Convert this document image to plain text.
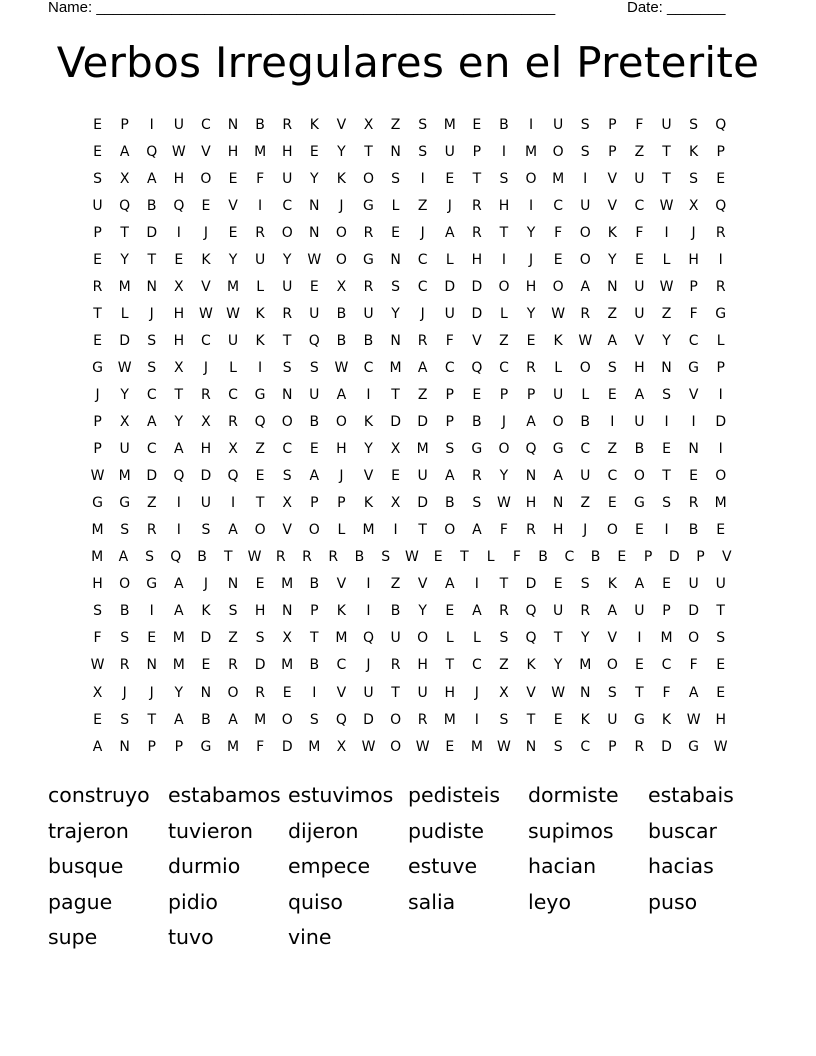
Name: _______________________________________________________	Date: _______
Verbos Irregulares en el Preterite
E	P	I	U	C	N	B	R	K	V	X	Z	S	M	E	B	I	U	S	P	F	U	S	Q
E	A	Q	W	V	H	M	H	E	Y	T	N	S	U	P	I	M	O	S	P	Z	T	K	P
S	X	A	H	O	E	F	U	Y	K	O	S	I	E	T	S	O	M	I	V	U	T	S	E
U	Q	B	Q	E	V	I	C	N	J	G	L	Z	J	R	H	I	C	U	V	C	W	X	Q
P	T	D	I	J	E	R	O	N	O	R	E	J	A	R	T	Y	F	O	K	F	I	J	R
E	Y	T	E	K	Y	U	Y	W	O	G	N	C	L	H	I	J	E	O	Y	E	L	H	I
R	M	N	X	V	M	L	U	E	X	R	S	C	D	D	O	H	O	A	N	U	W	P	R
T	L	J	H	W W	K	R	U	B	U	Y	J	U	D	L	Y	W	R	Z	U	Z	F	G
E	D	S	H	C	U	K	T	Q	B	B	N	R	F	V	Z	E	K	W	A	V	Y	C	L
G	W	S	X	J	L	I	S	S	W	C	M	A	C	Q	C	R	L	O	S	H	N	G	P
J	Y	C	T	R	C	G	N	U	A	I	T	Z	P	E	P	P	U	L	E	A	S	V	I
P	X	A	Y	X	R	Q	O	B	O	K	D	D	P	B	J	A	O	B	I	U	I	I	D
P	U	C	A	H	X	Z	C	E	H	Y	X	M	S	G	O	Q	G	C	Z	B	E	N	I
W	M	D	Q	D	Q	E	S	A	J	V	E	U	A	R	Y	N	A	U	C	O	T	E	O
G	G	Z	I	U	I	T	X	P	P	K	X	D	B	S	W	H	N	Z	E	G	S	R	M
M	S	R	I	S	A	O	V	O	L	M	I	T	O	A	F	R	H	J	O	E	I	B	E
M	A	S	Q	B	T	W	R	R	R	B	S	W	E	T	L	F	B	C	B	E	P	D	P	V
H	O	G	A	J	N	E	M	B	V	I	Z	V	A	I	T	D	E	S	K	A	E	U	U
S	B	I	A	K	S	H	N	P	K	I	B	Y	E	A	R	Q	U	R	A	U	P	D	T
F	S	E	M	D	Z	S	X	T	M	Q	U	O	L	L	S	Q	T	Y	V	I	M	O	S
W	R	N	M	E	R	D	M	B	C	J	R	H	T	C	Z	K	Y	M	O	E	C	F	E
X	J	J	Y	N	O	R	E	I	V	U	T	U	H	J	X	V	W	N	S	T	F	A	E
E	S	T	A	B	A	M	O	S	Q	D	O	R	M	I	S	T	E	K	U	G	K	W	H
A	N	P	P	G	M	F	D	M	X	W	O	W	E	M	W	N	S	C	P	R	D	G	W
construyo estabamos estuvimos pedisteis	dormiste	estabais
trajeron	tuvieron	dijeron	pudiste	supimos	buscar
busque	durmio	empece	estuve	hacian	hacias
pague	pidio	quiso	salia	leyo	puso
supe	tuvo	vine
